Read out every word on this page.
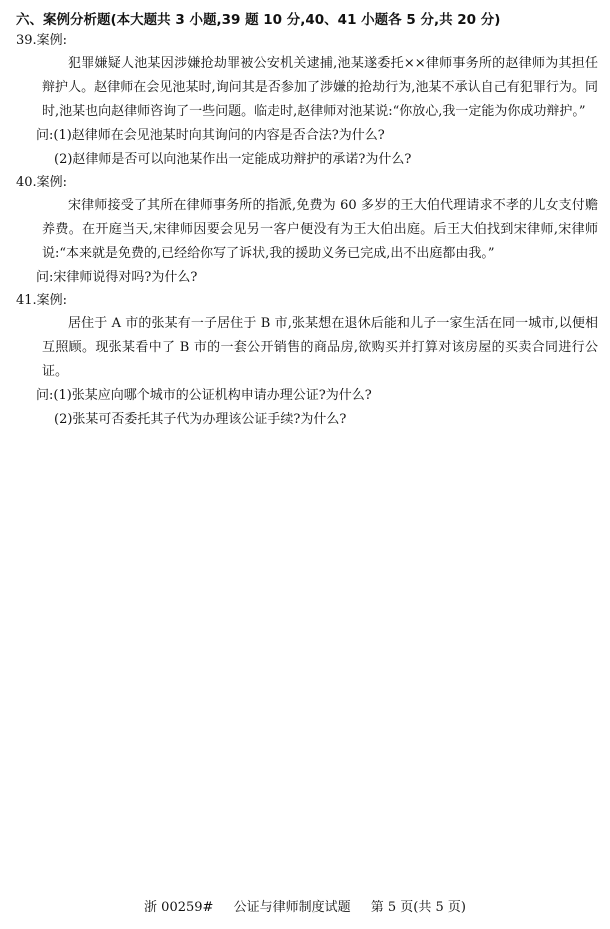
六、案例分析题(本大题共 3 小题,39 题 10 分,40、41 小题各 5 分,共 20 分)

39.案例:

犯罪嫌疑人池某因涉嫌抢劫罪被公安机关逮捕,池某遂委托××律师事务所的赵律师为其担任辩护人。赵律师在会见池某时,询问其是否参加了涉嫌的抢劫行为,池某不承认自己有犯罪行为。同时,池某也向赵律师咨询了一些问题。临走时,赵律师对池某说:“你放心,我一定能为你成功辩护。”

问:(1)赵律师在会见池某时向其询问的内容是否合法?为什么?

(2)赵律师是否可以向池某作出一定能成功辩护的承诺?为什么?

40.案例:

宋律师接受了其所在律师事务所的指派,免费为 60 多岁的王大伯代理请求不孝的儿女支付赡养费。在开庭当天,宋律师因要会见另一客户便没有为王大伯出庭。后王大伯找到宋律师,宋律师说:“本来就是免费的,已经给你写了诉状,我的援助义务已完成,出不出庭都由我。”

问:宋律师说得对吗?为什么?

41.案例:

居住于 A 市的张某有一子居住于 B 市,张某想在退休后能和儿子一家生活在同一城市,以便相互照顾。现张某看中了 B 市的一套公开销售的商品房,欲购买并打算对该房屋的买卖合同进行公证。

问:(1)张某应向哪个城市的公证机构申请办理公证?为什么?

(2)张某可否委托其子代为办理该公证手续?为什么?

浙 00259# 公证与律师制度试题 第 5 页(共 5 页)
